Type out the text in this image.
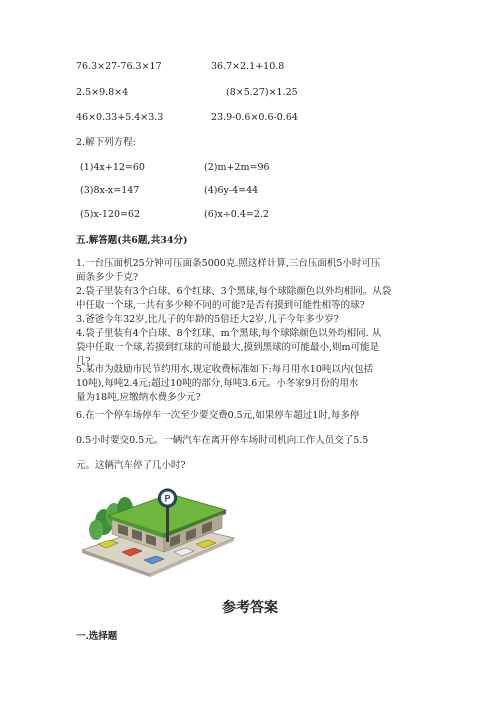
76.3×27-76.3×17	36.7×2.1+10.8
2.5×9.8×4	(8×5.27)×1.25
46×0.33+5.4×3.3	23.9-0.6×0.6-0.64
2.解下列方程:
(1)4x+12=60	(2)m+2m=96
(3)8x-x=147	(4)6y-4=44
(5)x-120=62	(6)x÷0.4=2.2
五.解答题(共6题,共34分)
1.一台压面机25分钟可压面条5000克.照这样计算,三台压面机5小时可压
面条多少千克?
2.袋子里装有3个白球、6个红球、3个黑球,每个球除颜色以外均相同。从袋
中任取一个球,一共有多少种不同的可能?是否有摸到可能性相等的球?
3.爸爸今年32岁,比儿子的年龄的5倍还大2岁,儿子今年多少岁?
4.袋子里装有4个白球、8个红球、m个黑球,每个球除颜色以外均相同. 从
袋中任取一个球,若摸到红球的可能最大,摸到黑球的可能最小,则m可能是
几?
5.某市为鼓励市民节约用水,规定收费标准如下:每月用水10吨以内(包括
10吨),每吨2.4元;超过10吨的部分,每吨3.6元。小冬家9月份的用水
量为18吨,应缴纳水费多少元?
6.在一个停车场停车一次至少要交费0.5元,如果停车超过1时,每多停
0.5小时要交0.5元。一辆汽车在离开停车场时司机向工作人员交了5.5
元。这辆汽车停了几小时?
P
参考答案
一.选择题
